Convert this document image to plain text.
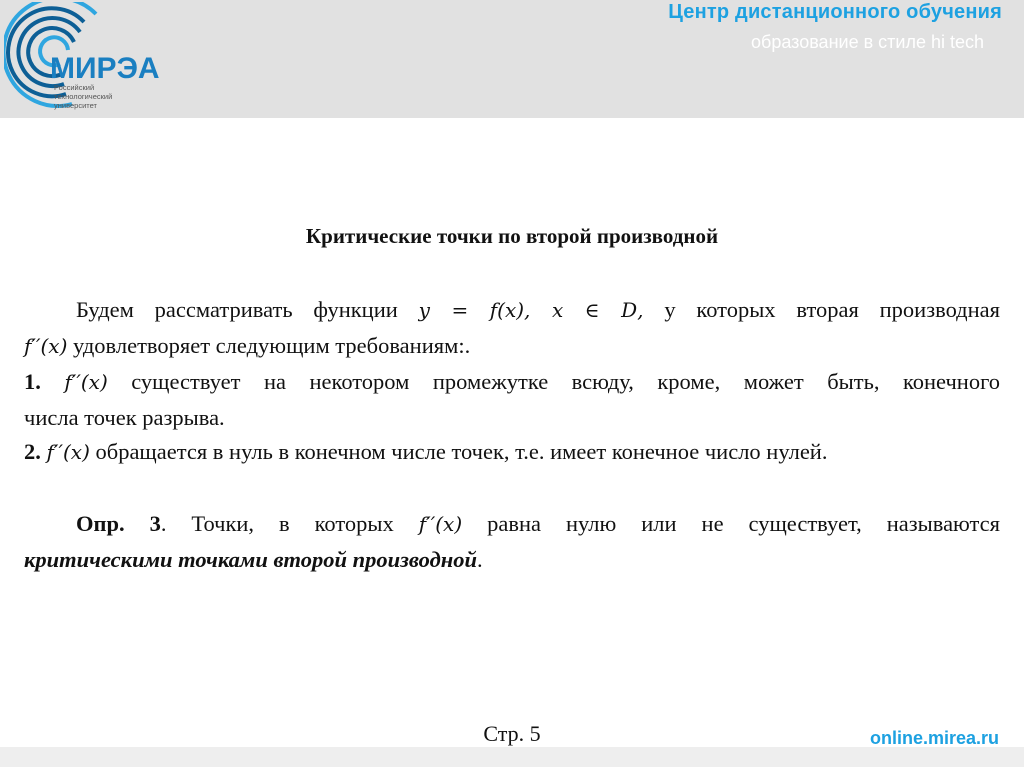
МИРЭА
Российский
технологический
университет
Центр дистанционного обучения
образование в стиле hi tech
Критические точки по второй производной
Будем рассматривать функции 𝑦 = 𝑓(𝑥), 𝑥 ∈ 𝐷, у которых вторая производная
𝑓′′(𝑥) удовлетворяет следующим требованиям:.
1. 𝑓′′(𝑥) существует на некотором промежутке всюду, кроме, может быть, конечного
числа точек разрыва.
2. 𝑓′′(𝑥) обращается в нуль в конечном числе точек, т.е. имеет конечное число нулей.
Опр. 3. Точки, в которых 𝑓′′(𝑥) равна нулю или не существует, называются
критическими точками второй производной.
Стр. 5	online.mirea.ru
